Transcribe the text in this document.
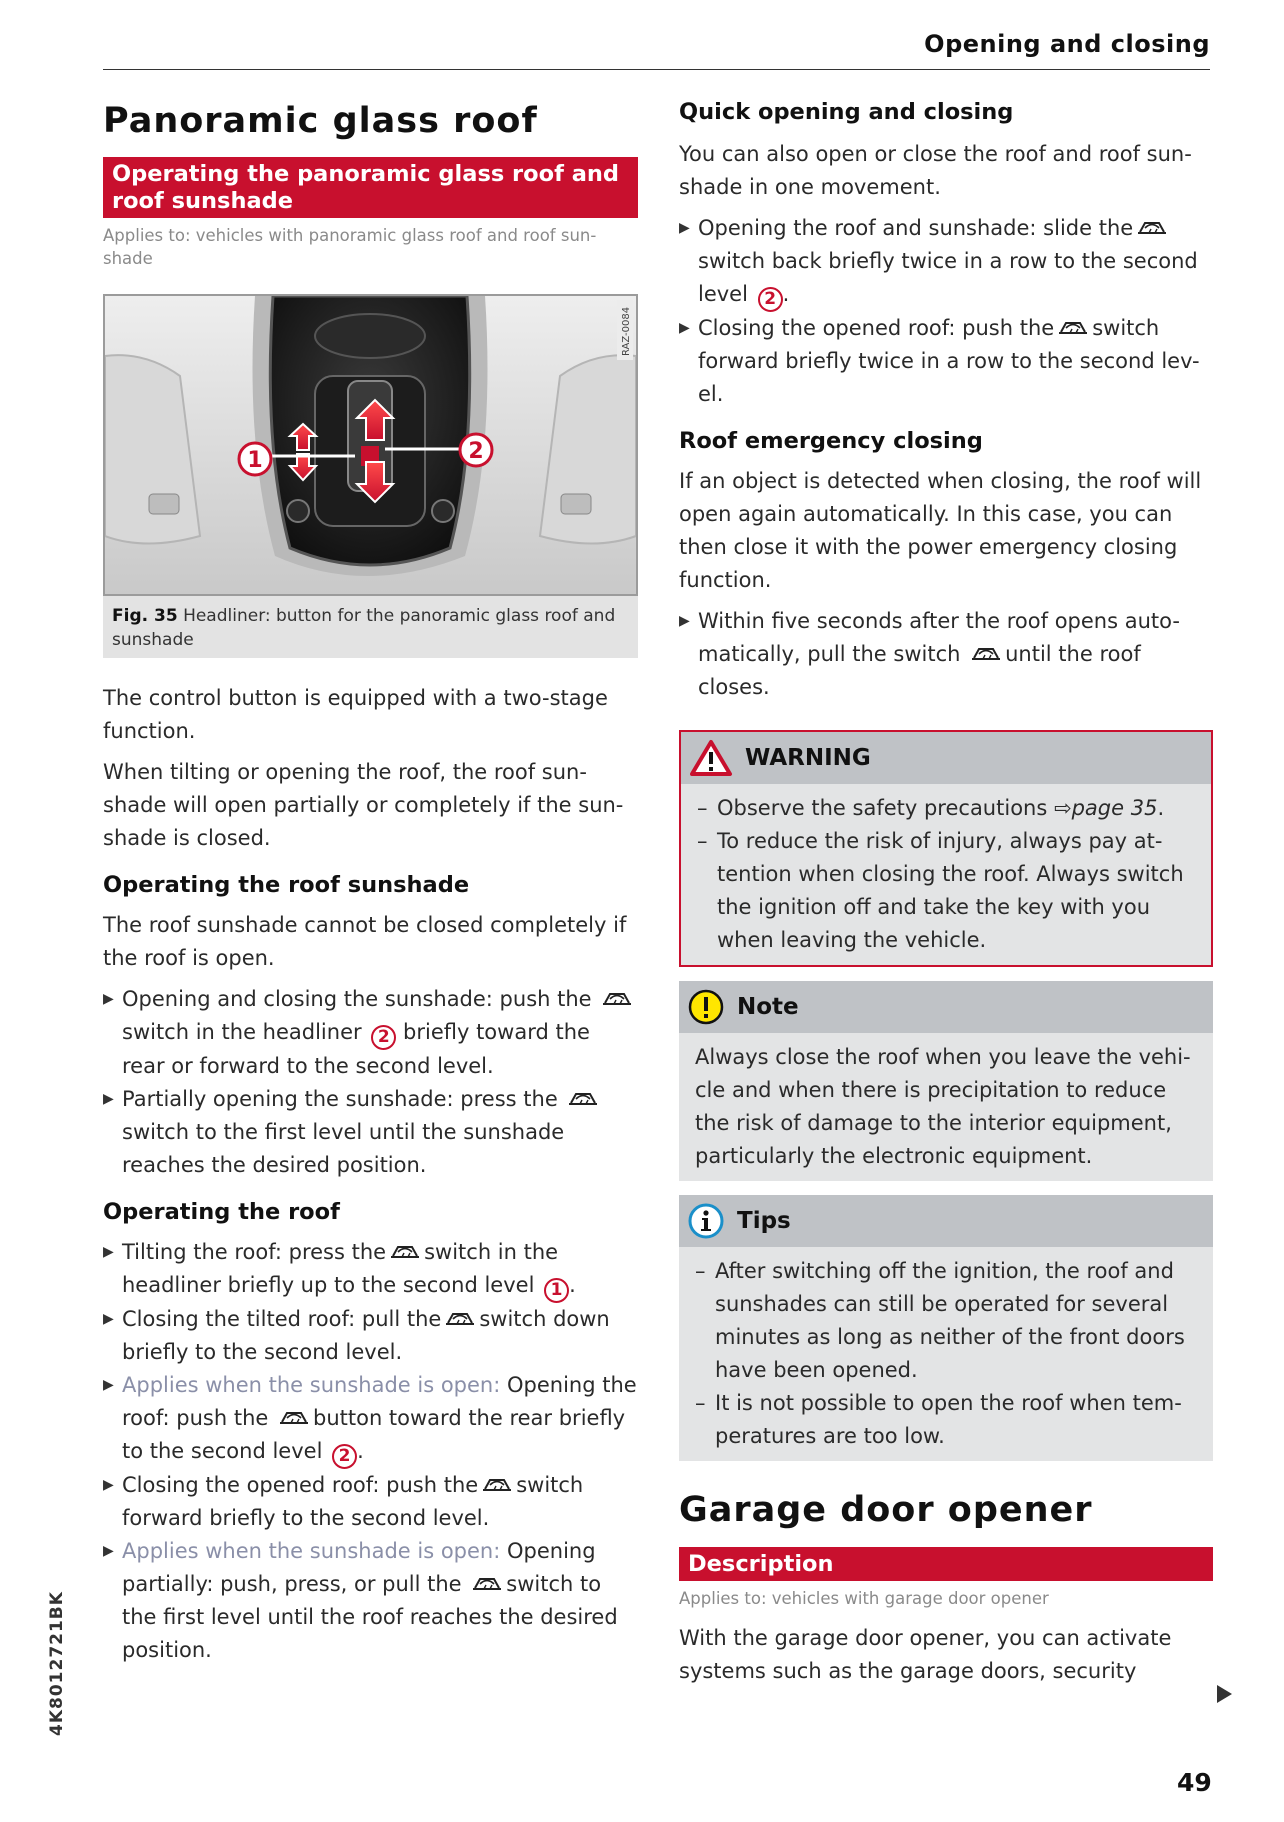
Opening and closing
Panoramic glass roof
Operating the panoramic glass roof and roof sunshade
Applies to: vehicles with panoramic glass roof and roof sun-shade
1	2
RAZ-0084
Fig. 35 Headliner: button for the panoramic glass roof and sunshade
The control button is equipped with a two-stage function.
When tilting or opening the roof, the roof sun-shade will open partially or completely if the sun-shade is closed.
Operating the roof sunshade
The roof sunshade cannot be closed completely if the roof is open.
▶ Opening and closing the sunshade: push the switch in the headliner 2 briefly toward the rear or forward to the second level.
▶ Partially opening the sunshade: press the  switch to the first level until the sunshade reaches the desired position.
Operating the roof
▶ Tilting the roof: press the switch in the headliner briefly up to the second level 1 .
▶ Closing the tilted roof: pull the switch down briefly to the second level.
▶ Applies when the sunshade is open: Opening the roof: push the button toward the rear briefly to the second level 2 .
▶ Closing the opened roof: push the switch forward briefly to the second level.
▶ Applies when the sunshade is open: Opening partially: push, press, or pull the switch to the first level until the roof reaches the desired position.
Quick opening and closing
You can also open or close the roof and roof sun-shade in one movement.
▶ Opening the roof and sunshade: slide theswitch back briefly twice in a row to the second level 2 .
▶ Closing the opened roof: push the switch forward briefly twice in a row to the second lev-el.
Roof emergency closing
If an object is detected when closing, the roof will open again automatically. In this case, you can then close it with the power emergency closing function.
▶ Within five seconds after the roof opens auto-matically, pull the switch until the roof closes.
WARNING
– Observe the safety precautions ⇨page 35.
– To reduce the risk of injury, always pay at-tention when closing the roof. Always switch the ignition off and take the key with you when leaving the vehicle.
Note
Always close the roof when you leave the vehi-cle and when there is precipitation to reduce the risk of damage to the interior equipment, particularly the electronic equipment.
Tips
– After switching off the ignition, the roof and sunshades can still be operated for several minutes as long as neither of the front doors have been opened.
– It is not possible to open the roof when tem-peratures are too low.
Garage door opener
Description
Applies to: vehicles with garage door opener
With the garage door opener, you can activate systems such as the garage doors, security
49
4K8012721BK
